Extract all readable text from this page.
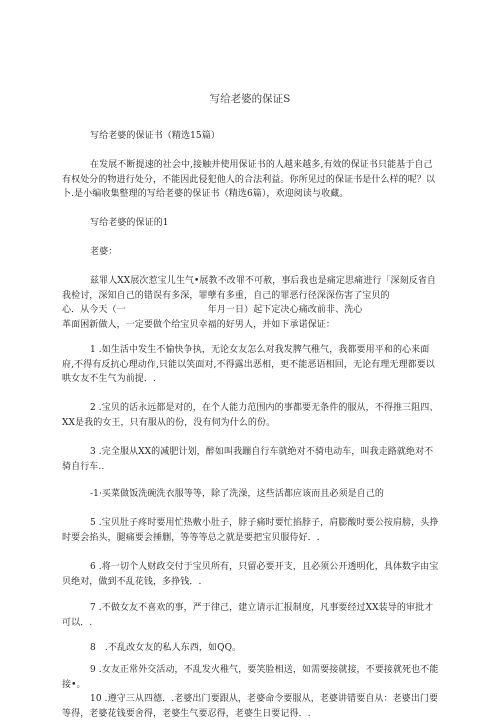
写给老婆的保证S

写给老婆的保证书（精选15篇）

在发展不断提速的社会中,接触并使用保证书的人越来越多,有效的保证书只能基于自己有权处分的物进行处分，不能因此侵犯他人的合法利益。你所见过的保证书是什么样的呢？以卜.是小编收集整理的写给老婆的保证书（精选6篇），欢迎阅读与收藏。

写给老婆的保证的1

老婆：

兹罪人XX展次惹宝儿生气•展教不改罪不可赦，事后我也是痛定思痛进行「深刻反省自我检讨，深知自己的错误有多深，罪孽有多重，自己的罪恶行径深深伤害了宝贝的
心．从今天（一	年月一日）起下定决心痛改前非、洗心
革面困新做人，一定要做个给宝贝幸福的好男人，并如下承诺保证：

1 .如生活中发生不愉快争执，无论女友怎么对我发脾气稚气，我都要用平和的心来面府,不得有反抗心理动作,只能以笑面对,不得露出恶相，更不能恶语相回，无论有理无理都要以哄女友不生气为前提．.

2 .宝贝的话永远都是对的，在个人能力范围内的事都要无条件的服从，不得推三阻四、XX是我的女王，只有服从的份，没有伺为什么的份。

3 .完全服从XX的减肥计划，醉如叫我蹦自行车就绝对不骑电动车，叫我走路就绝对不骑自行车..

-1·买菜做饭洗碗洗衣服等等，除了洗澡，这些活都应该而且必须是自己的

5 .宝贝肚子疼时要用忙热敷小肚子，脖子痛时要忙掐脖子，肩膨酸时要公按肩膀，头挣时要会掐头，腿痛要会捶删，等等等总之就是要把宝贝服侍好．.

6 .将一切个人财政交付于宝贝所有，只留必要开支，且必须公开透明化，具体数字由宝贝绝对，做到不乱花钱，多挣钱．.

7 .不做女友不喜欢的事，严于律己，建立请示汇报制度，凡事要经过XX装导的审批才可以．.

8　.不乱改女友的私人东西，如QQ。

9 .女友正常外交活动，不乱发火稚气，要笑脸相送，如需要接就接，不要接就死也不能接•。

10 .遵守三从四德．.老婆出门要跟从，老婆命令要服从，老婆讲错要自从：老婆出门要等得，老婆花钱要舍得，老婆生气要忍得，老婆生日要记得．.
